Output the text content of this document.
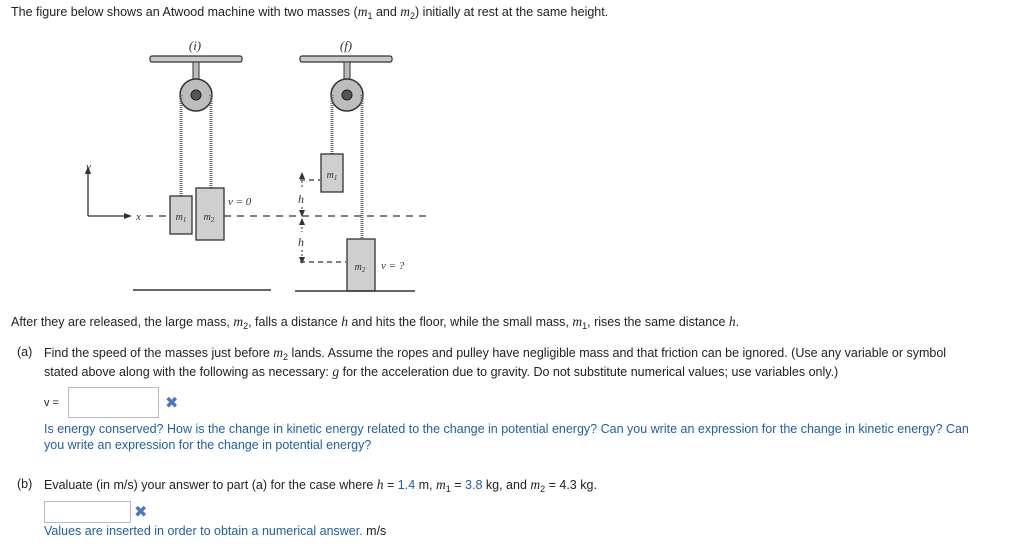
The figure below shows an Atwood machine with two masses ($m_1$ and $m_2$) initially at rest at the same height.
(i)	(f)
y
x	$m_1$ $m_2$
v = 0
$m_1$
$m_2$ v = ?
h
h
After they are released, the large mass, $m_2$, falls a distance h and hits the floor, while the small mass, $m_1$, rises the same distance h.
(a) Find the speed of the masses just before $m_2$ lands. Assume the ropes and pulley have negligible mass and that friction can be ignored. (Use any variable or symbol
stated above along with the following as necessary: g for the acceleration due to gravity. Do not substitute numerical values; use variables only.)
v =	✖
Is energy conserved? How is the change in kinetic energy related to the change in potential energy? Can you write an expression for the change in kinetic energy? Can
you write an expression for the change in potential energy?
(b) Evaluate (in m/s) your answer to part (a) for the case where h = 1.4 m, $m_1 = 3.8$ kg, and $m_2 = 4.3$ kg.
✖
Values are inserted in order to obtain a numerical answer. m/s
